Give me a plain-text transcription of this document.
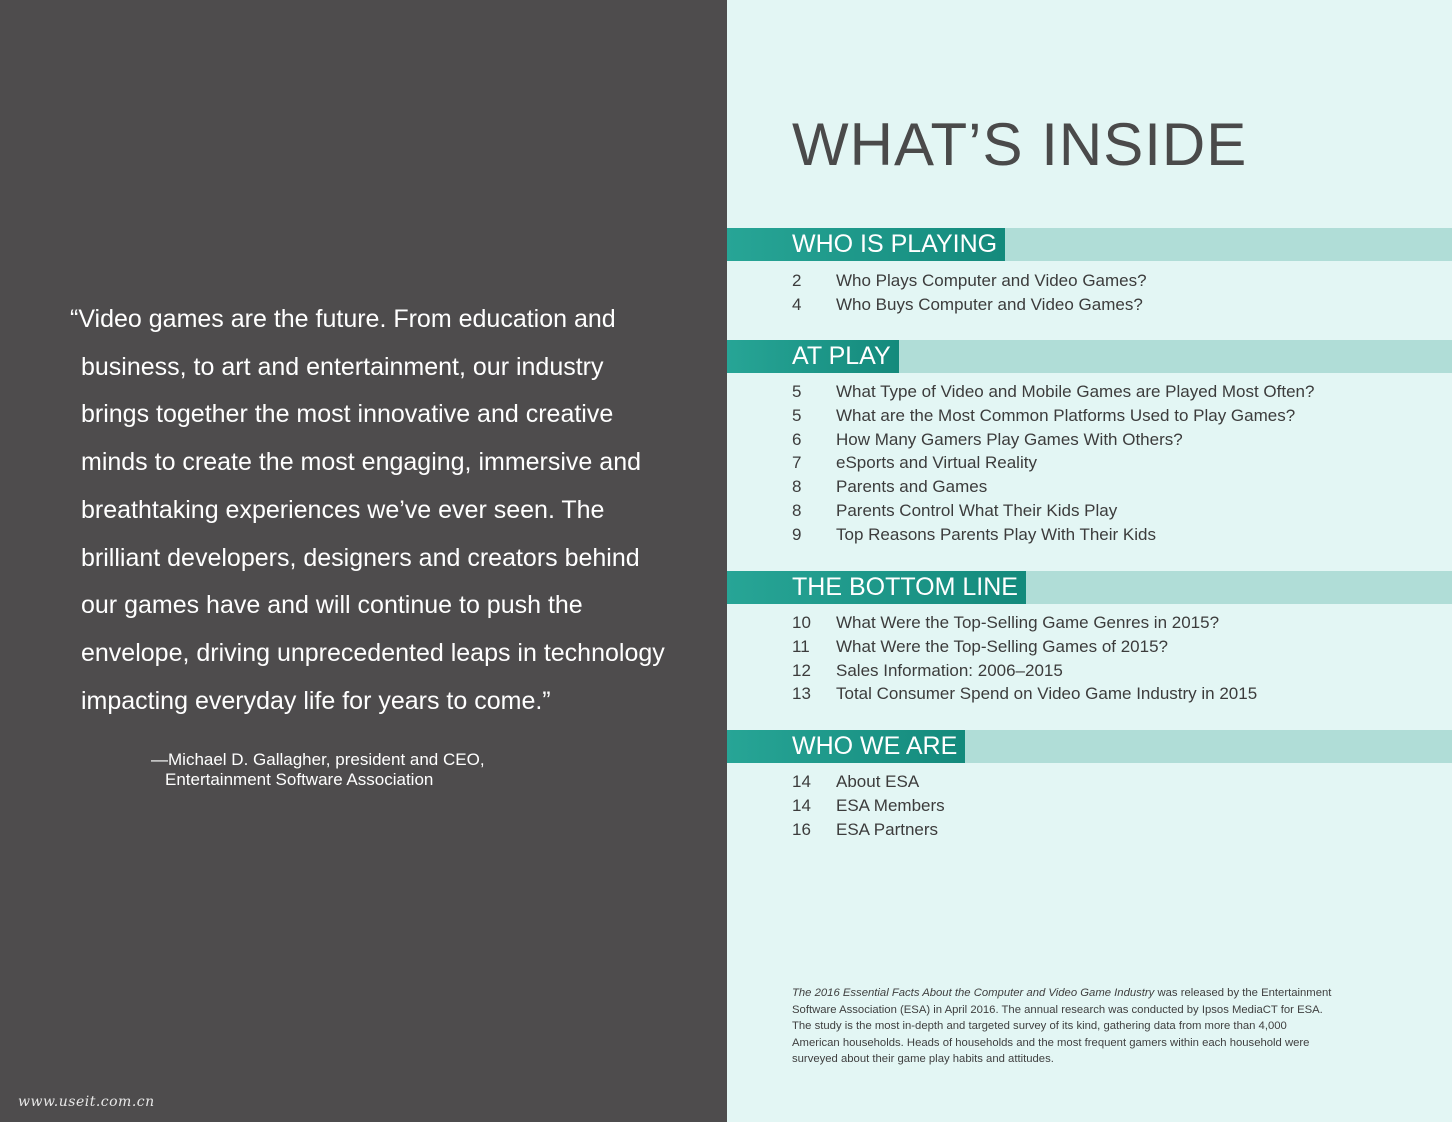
“Video games are the future. From education and
business, to art and entertainment, our industry
brings together the most innovative and creative
minds to create the most engaging, immersive and
breathtaking experiences we’ve ever seen. The
brilliant developers, designers and creators behind
our games have and will continue to push the
envelope, driving unprecedented leaps in technology
impacting everyday life for years to come.”
—Michael D. Gallagher, president and CEO,
Entertainment Software Association
www.useit.com.cn
WHAT’S INSIDE
WHO IS PLAYING
2	Who Plays Computer and Video Games?
4	Who Buys Computer and Video Games?
AT PLAY
5	What Type of Video and Mobile Games are Played Most Often?
5	What are the Most Common Platforms Used to Play Games?
6	How Many Gamers Play Games With Others?
7	eSports and Virtual Reality
8	Parents and Games
8	Parents Control What Their Kids Play
9	Top Reasons Parents Play With Their Kids
THE BOTTOM LINE
10	What Were the Top-Selling Game Genres in 2015?
11	What Were the Top-Selling Games of 2015?
12	Sales Information: 2006–2015
13	Total Consumer Spend on Video Game Industry in 2015
WHO WE ARE
14	About ESA
14	ESA Members
16	ESA Partners
The 2016 Essential Facts About the Computer and Video Game Industry was released by the Entertainment
Software Association (ESA) in April 2016. The annual research was conducted by Ipsos MediaCT for ESA.
The study is the most in-depth and targeted survey of its kind, gathering data from more than 4,000
American households. Heads of households and the most frequent gamers within each household were
surveyed about their game play habits and attitudes.
